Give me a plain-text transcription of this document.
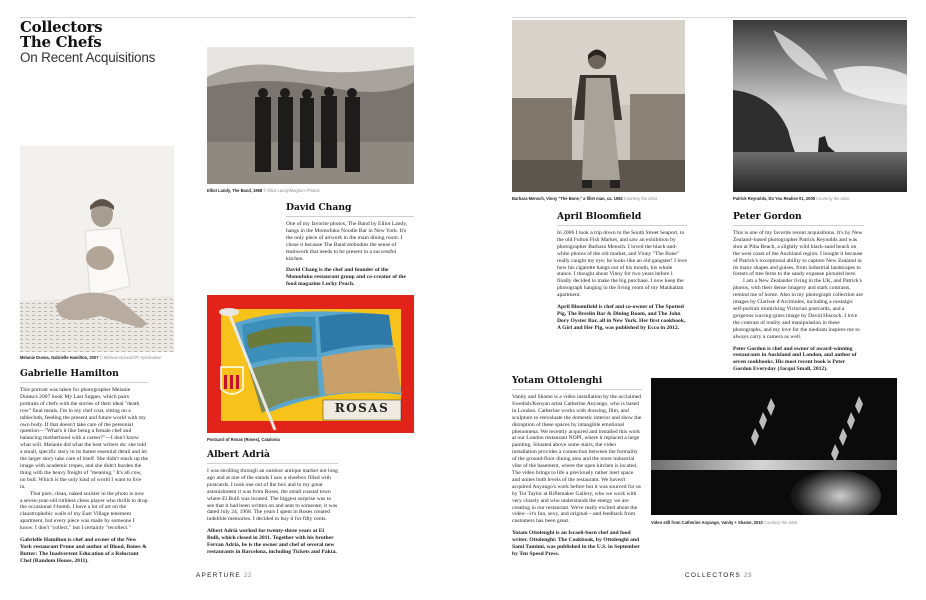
Collectors
The Chefs
On Recent Acquisitions
Melanie Dunea, Gabrielle Hamilton, 2007 © Melanie Dunea/CPi Syndication
Gabrielle Hamilton

This portrait was taken for photographer Melanie Dunea's 2007 book My Last Supper, which pairs portraits of chefs with the stories of their ideal "death row" final meals. I'm in my chef coat, sitting on a tablecloth, feeding the present and future world with my own body. If that doesn't take care of the perennial question—"What's it like being a female chef and balancing motherhood with a career?"—I don't know what will. Melanie did what the best writers do: she told a small, specific story in its barest essential detail and let the larger story take care of itself. She didn't muck up the image with academic tropes, and she didn't burden the thing with the heavy freight of "meaning." It's all cow, no bull. Which is the only kind of world I want to live in.

That pure, clean, naked suckler in the photo is now a seven-year-old ruthless chess player who thrills to drop the occasional f-bomb. I have a lot of art on the claustrophobic walls of my East Village tenement apartment, but every piece was made by someone I know. I don't "collect," but I certainly "recollect."

Gabrielle Hamilton is chef and owner of the New York restaurant Prune and author of Blood, Bones & Butter: The Inadvertent Education of a Reluctant Chef (Random House, 2011).

Elliot Landy, The Band, 1968 © Elliot Landy/Magnum Photos
David Chang

One of my favorite photos, The Band by Elliot Landy, hangs in the Momofuku Noodle Bar in New York. It's the only piece of artwork in the main dining room. I chose it because The Band embodies the sense of teamwork that needs to be present in a successful kitchen.

David Chang is the chef and founder of the Momofuku restaurant group and co-creator of the food magazine Lucky Peach.

ROSAS
Postcard of Rosas (Roses), Catalonia
Albert Adrià

I was strolling through an outdoor antique market not long ago and at one of the stands I saw a shoebox filled with postcards. I took one out of the box and to my great astonishment it was from Roses, the small coastal town where El Bulli was located. The biggest surprise was to see that it had been written on and sent to someone; it was dated July 24, 1968. The years I spent in Roses created indelible memories. I decided to buy it for fifty cents.

Albert Adrià worked for twenty-three years at El Bulli, which closed in 2011. Together with his brother Ferran Adrià, he is the owner and chef of several new restaurants in Barcelona, including Tickets and Pakta.

APERTURE 22
Barbara Mensch, Vinny "The Bone," a fillet man, ca. 1982 Courtesy the artist
April Bloomfield

In 2006 I took a trip down to the South Street Seaport, to the old Fulton Fish Market, and saw an exhibition by photographer Barbara Mensch. I loved the black-and-white photos of the old market, and Vinny "The Bone" really caught my eye; he looks like an old gangster! I love how his cigarette hangs out of his mouth, his whole stance. I thought about Vinny for two years before I finally decided to make the big purchase. I now keep the photograph hanging in the living room of my Manhattan apartment.

April Bloomfield is chef and co-owner of The Spotted Pig, The Breslin Bar & Dining Room, and The John Dory Oyster Bar, all in New York. Her first cookbook, A Girl and Her Pig, was published by Ecco in 2012.

Patrick Reynolds, Do You Realise 01, 2005 Courtesy the artist
Peter Gordon

This is one of my favorite recent acquisitions. It's by New Zealand–based photographer Patrick Reynolds and was shot at Piha Beach, a slightly wild black-sand beach on the west coast of the Auckland region. I bought it because of Patrick's exceptional ability to capture New Zealand in its many shapes and guises, from industrial landscapes to forests of tree ferns to the sandy expanse pictured here.

I am a New Zealander living in the UK, and Patrick's photos, with their dense imagery and stark contrasts, remind me of home. Also in my photograph collection are images by Clarisse d'Arcimoles, including a nostalgic self-portrait mimicking Victorian postcards, and a gorgeous waving-grass image by David Hiscock. I love the contrast of reality and manipulation in these photographs, and my love for the medium inspires me to always carry a camera as well.

Peter Gordon is chef and owner of award-winning restaurants in Auckland and London, and author of seven cookbooks. His most recent book is Peter Gordon Everyday (Jacqui Small, 2012).

Yotam Ottolenghi

Vanity and Shame is a video installation by the acclaimed Swedish/Kenyan artist Catherine Anyango, who is based in London. Catherine works with drawing, film, and sculpture to reevaluate the domestic interior and show the disruption of these spaces by intangible emotional phenomena. We recently acquired and installed this work at our London restaurant NOPI, where it replaced a large painting. Situated above some stairs, the video installation provides a connection between the formality of the ground-floor dining area and the more industrial vibe of the basement, where the open kitchen is located. The video brings to life a previously rather inert space and unites both levels of the restaurant. We haven't acquired Anyango's work before but it was sourced for us by Tot Taylor at Riflemaker Gallery, who we work with very closely and who understands the energy we are creating in our restaurant. We're really excited about the video—it's fun, sexy, and original—and feedback from customers has been great.

Yotam Ottolenghi is an Israeli-born chef and food writer. Ottolenghi: The Cookbook, by Ottolenghi and Sami Tamimi, was published in the U.S. in September by Ten Speed Press.

Video still from Catherine Anyango, Vanity + Shame, 2010 Courtesy the artist
COLLECTORS 23
